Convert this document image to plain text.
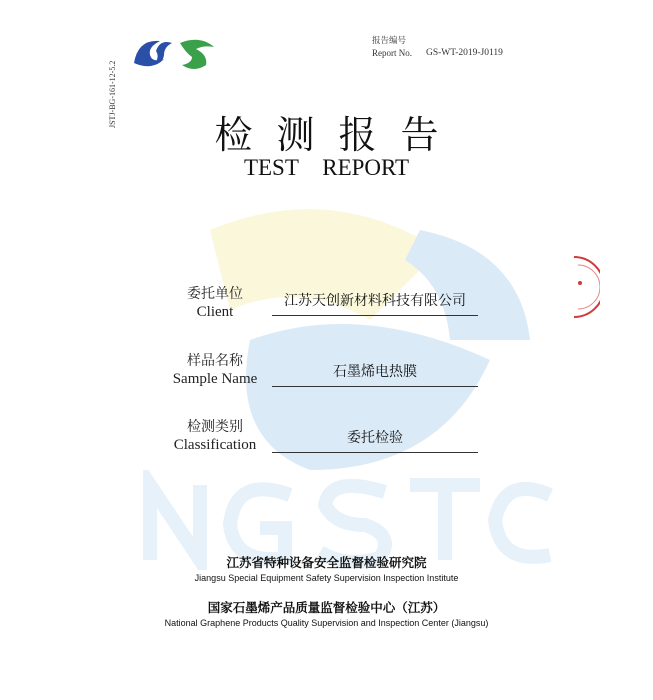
JSTJ-BG-161-12-5.2
报告编号
Report No. GS-WT-2019-J0119
检测报告
TEST REPORT
委托单位
Client
江苏天创新材料科技有限公司
样品名称
Sample Name	石墨烯电热膜
检测类别
Classification	委托检验
江苏省特种设备安全监督检验研究院
Jiangsu Special Equipment Safety Supervision Inspection Institute
国家石墨烯产品质量监督检验中心（江苏）
National Graphene Products Quality Supervision and Inspection Center (Jiangsu)
